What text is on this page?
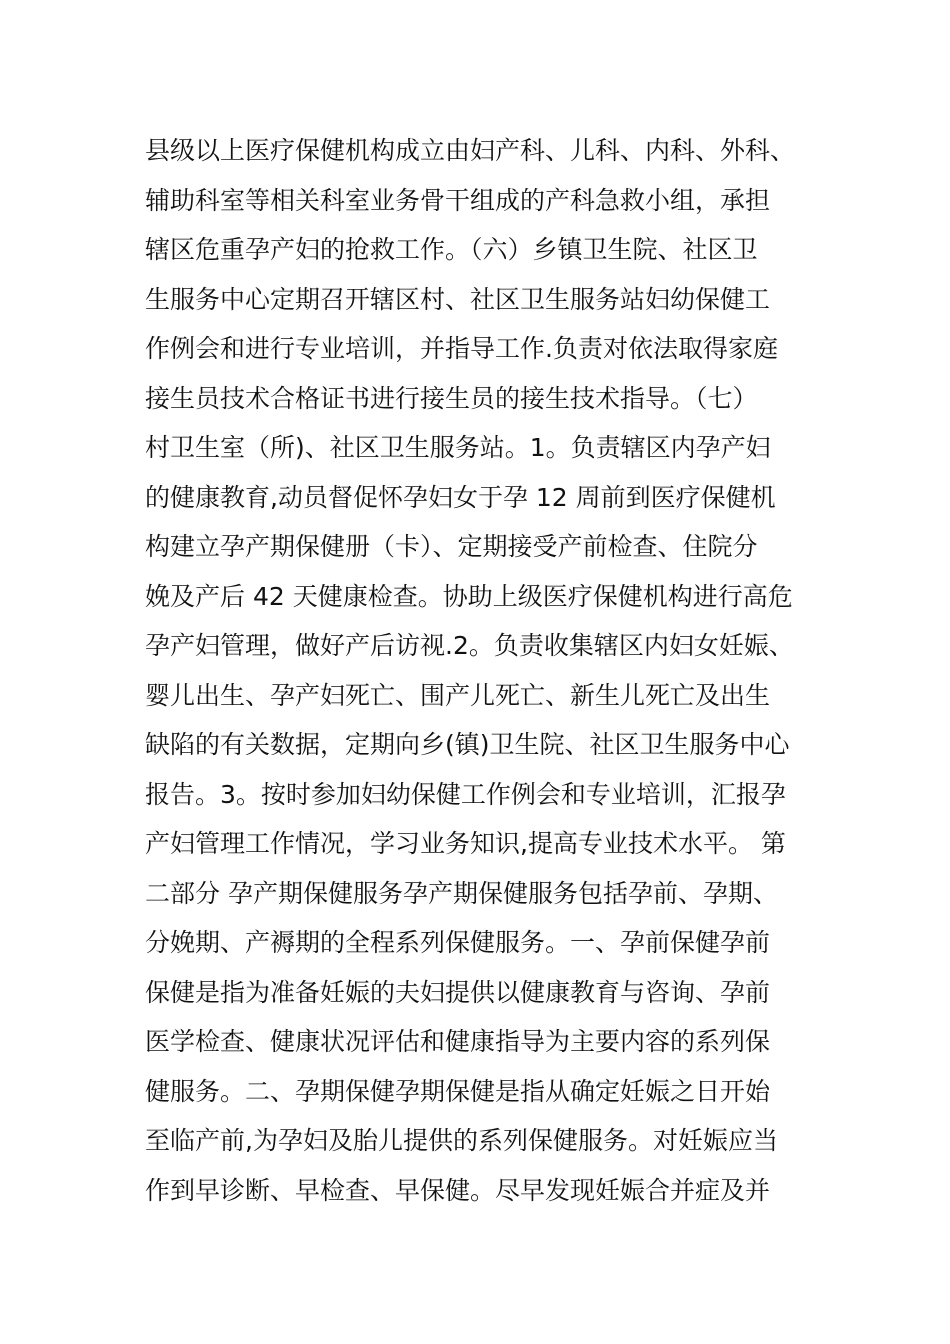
县级以上医疗保健机构成立由妇产科、儿科、内科、外科、
辅助科室等相关科室业务骨干组成的产科急救小组，承担
辖区危重孕产妇的抢救工作。（六）乡镇卫生院、社区卫
生服务中心定期召开辖区村、社区卫生服务站妇幼保健工
作例会和进行专业培训，并指导工作.负责对依法取得家庭
接生员技术合格证书进行接生员的接生技术指导。（七）
村卫生室（所)、社区卫生服务站。1。负责辖区内孕产妇
的健康教育,动员督促怀孕妇女于孕 12 周前到医疗保健机
构建立孕产期保健册（卡）、定期接受产前检查、住院分
娩及产后 42 天健康检查。协助上级医疗保健机构进行高危
孕产妇管理，做好产后访视.2。负责收集辖区内妇女妊娠、
婴儿出生、孕产妇死亡、围产儿死亡、新生儿死亡及出生
缺陷的有关数据，定期向乡(镇)卫生院、社区卫生服务中心
报告。3。按时参加妇幼保健工作例会和专业培训，汇报孕
产妇管理工作情况，学习业务知识,提高专业技术水平。 第
二部分 孕产期保健服务孕产期保健服务包括孕前、孕期、
分娩期、产褥期的全程系列保健服务。一、孕前保健孕前
保健是指为准备妊娠的夫妇提供以健康教育与咨询、孕前
医学检查、健康状况评估和健康指导为主要内容的系列保
健服务。二、孕期保健孕期保健是指从确定妊娠之日开始
至临产前,为孕妇及胎儿提供的系列保健服务。对妊娠应当
作到早诊断、早检查、早保健。尽早发现妊娠合并症及并
